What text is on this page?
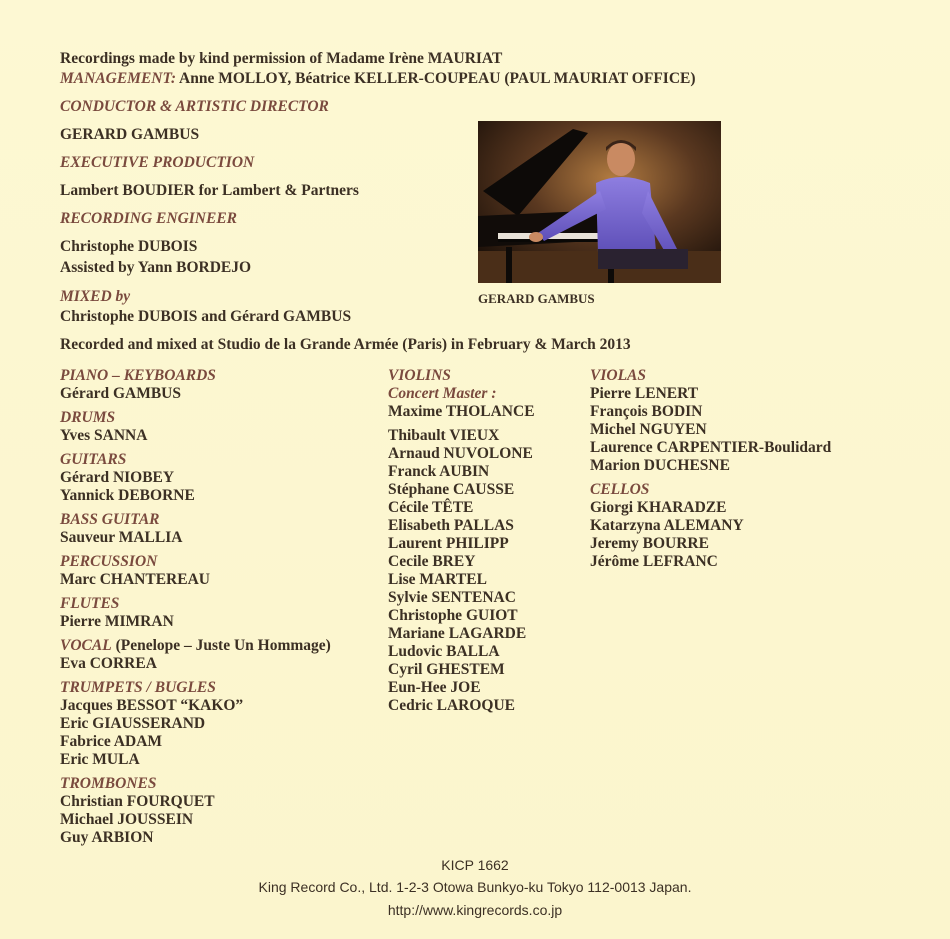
Recordings made by kind permission of Madame Irène MAURIAT
MANAGEMENT: Anne MOLLOY, Béatrice KELLER-COUPEAU (PAUL MAURIAT OFFICE)
CONDUCTOR & ARTISTIC DIRECTOR
GERARD GAMBUS
EXECUTIVE PRODUCTION
Lambert BOUDIER for Lambert & Partners
RECORDING ENGINEER
Christophe DUBOIS
Assisted by Yann BORDEJO
MIXED by
Christophe DUBOIS and Gérard GAMBUS
Recorded and mixed at Studio de la Grande Armée (Paris) in February & March 2013
GERARD GAMBUS
PIANO – KEYBOARDS
Gérard GAMBUS
DRUMS
Yves SANNA
GUITARS
Gérard NIOBEY
Yannick DEBORNE
BASS GUITAR
Sauveur MALLIA
PERCUSSION
Marc CHANTEREAU
FLUTES
Pierre MIMRAN
VOCAL (Penelope – Juste Un Hommage)
Eva CORREA
TRUMPETS / BUGLES
Jacques BESSOT “KAKO”
Eric GIAUSSERAND
Fabrice ADAM
Eric MULA
TROMBONES
Christian FOURQUET
Michael JOUSSEIN
Guy ARBION
VIOLINS
Concert Master :
Maxime THOLANCE
Thibault VIEUX
Arnaud NUVOLONE
Franck AUBIN
Stéphane CAUSSE
Cécile TÊTE
Elisabeth PALLAS
Laurent PHILIPP
Cecile BREY
Lise MARTEL
Sylvie SENTENAC
Christophe GUIOT
Mariane LAGARDE
Ludovic BALLA
Cyril GHESTEM
Eun-Hee JOE
Cedric LAROQUE
VIOLAS
Pierre LENERT
François BODIN
Michel NGUYEN
Laurence CARPENTIER-Boulidard
Marion DUCHESNE
CELLOS
Giorgi KHARADZE
Katarzyna ALEMANY
Jeremy BOURRE
Jérôme LEFRANC
KICP 1662
King Record Co., Ltd. 1-2-3 Otowa Bunkyo-ku Tokyo 112-0013 Japan.
http://www.kingrecords.co.jp
